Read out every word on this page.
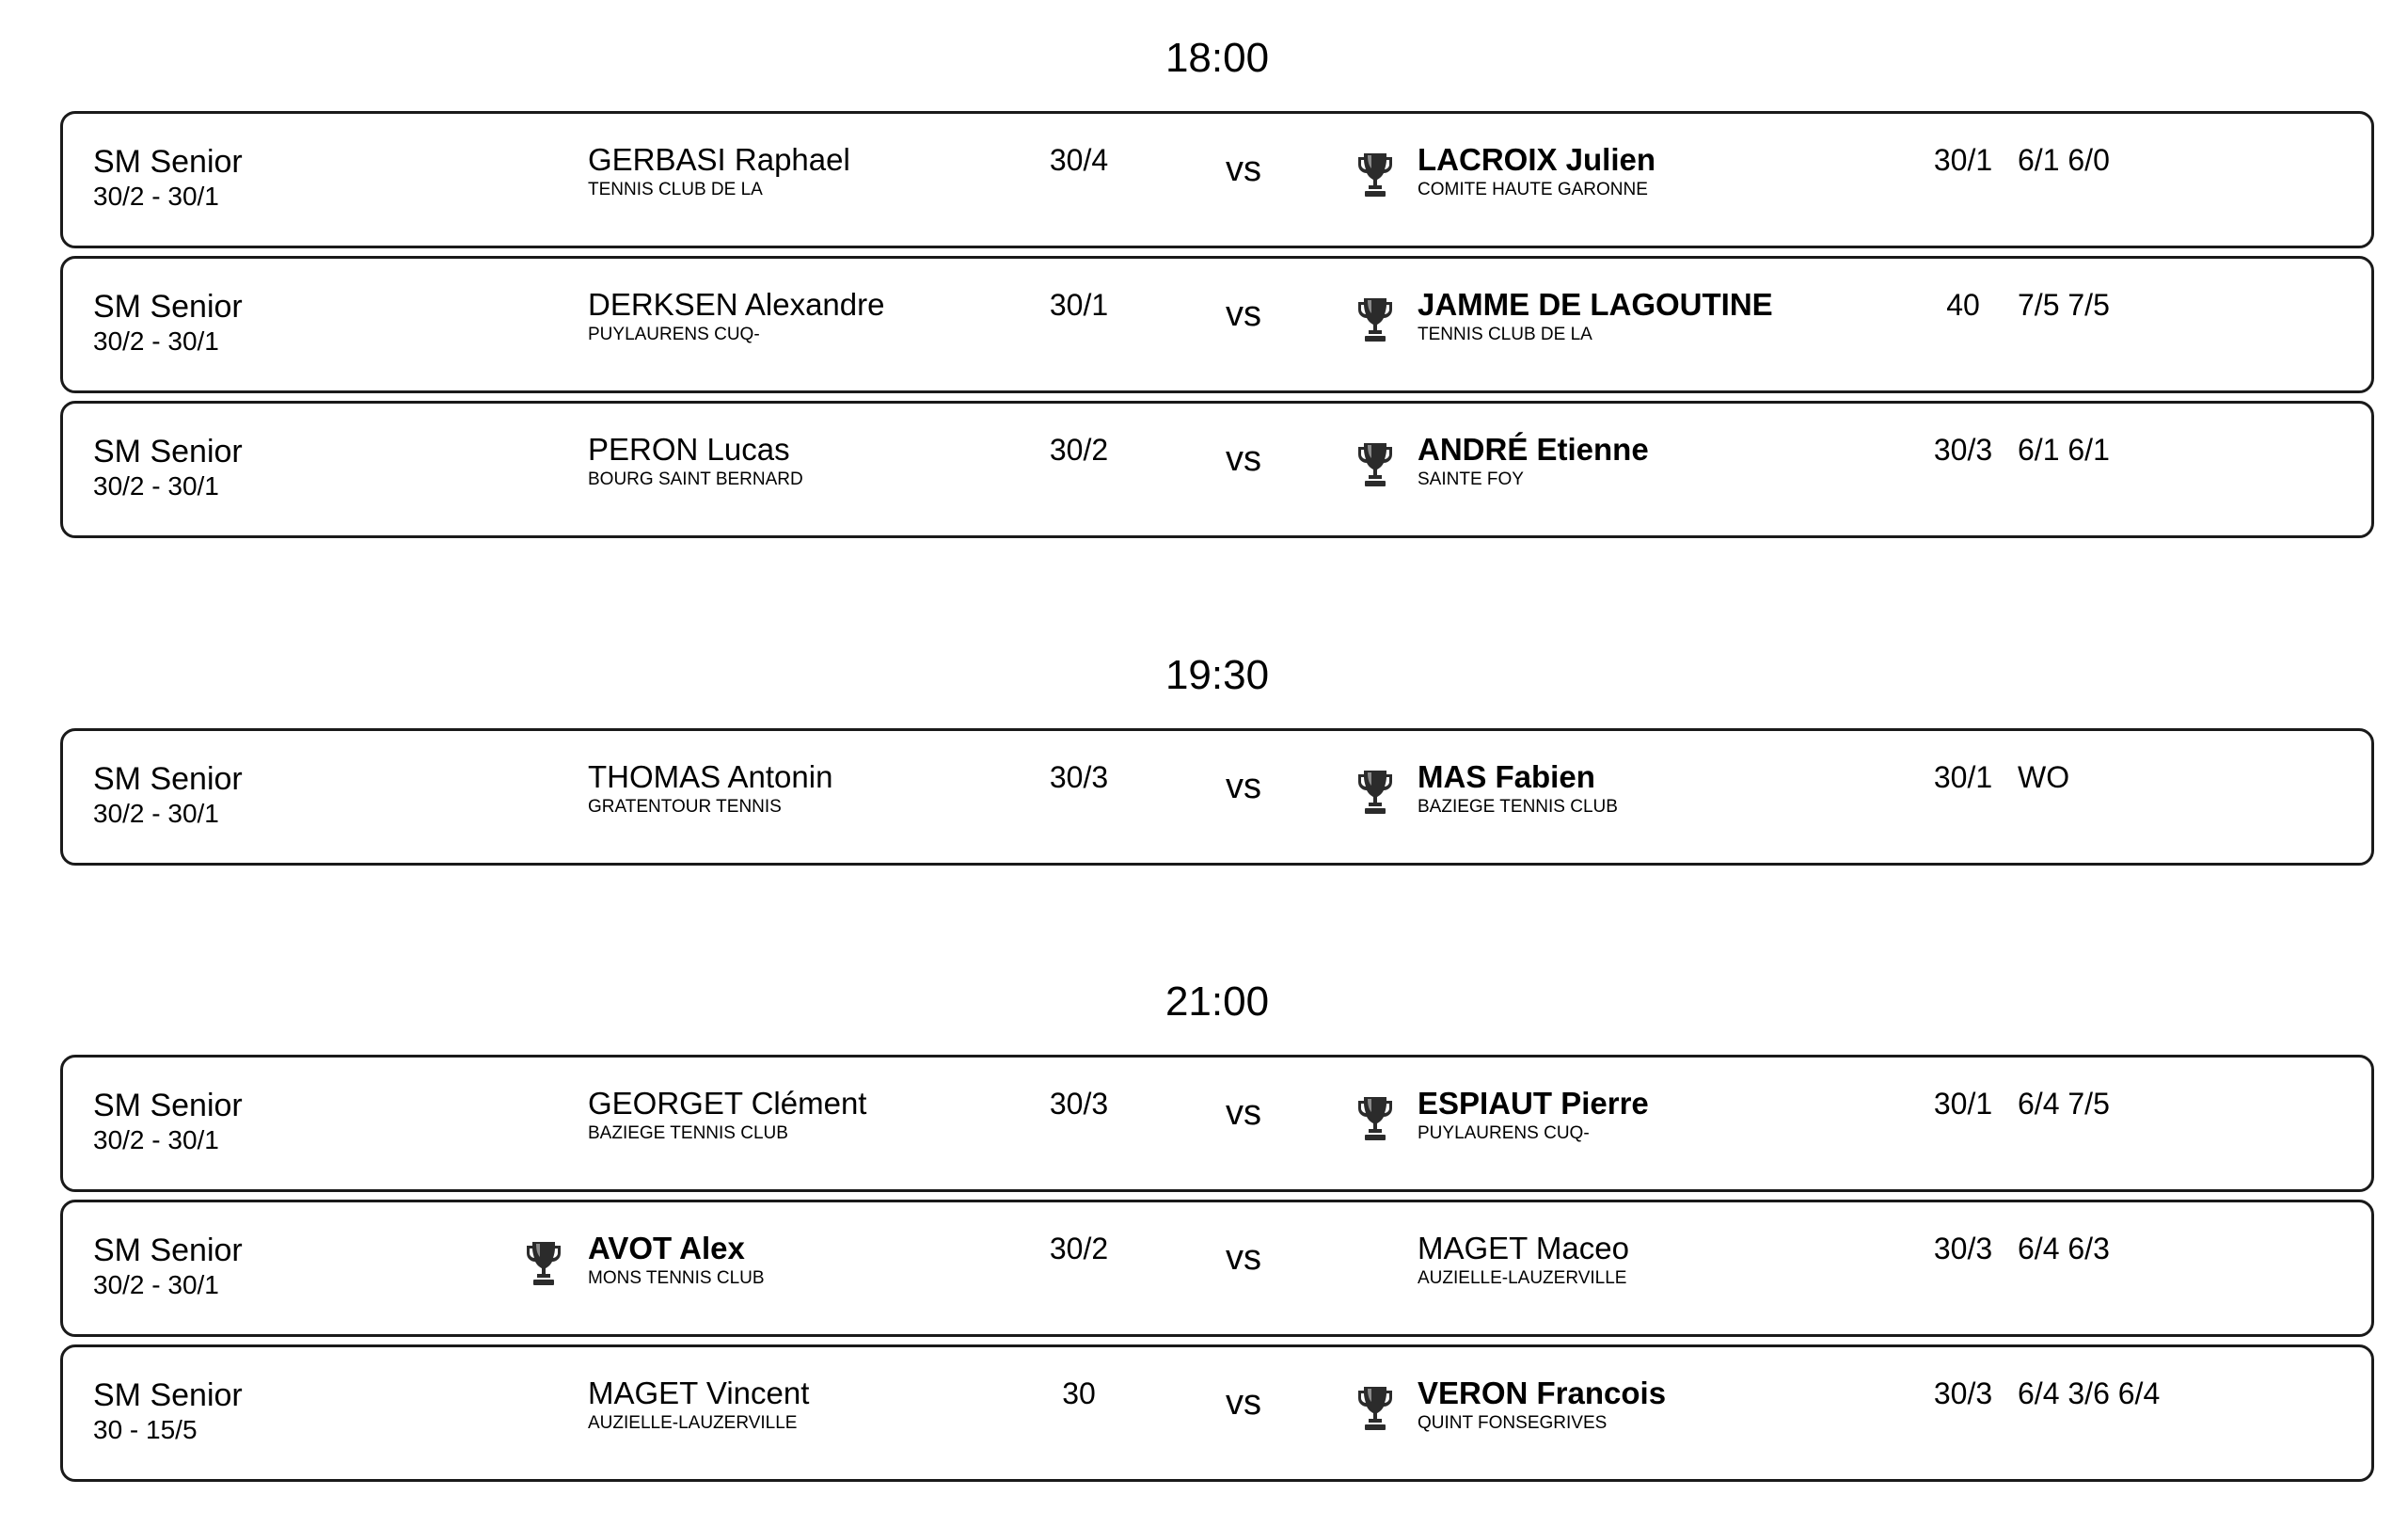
18:00
SM Senior
30/2 - 30/1
GERBASI Raphael
TENNIS CLUB DE LA
30/4	vs	LACROIX Julien
COMITE HAUTE GARONNE
30/1 6/1 6/0
SM Senior
30/2 - 30/1
DERKSEN Alexandre
PUYLAURENS CUQ-
30/1	vs	JAMME DE LAGOUTINE
TENNIS CLUB DE LA
40	7/5 7/5
SM Senior
30/2 - 30/1
PERON Lucas
BOURG SAINT BERNARD
30/2	vs	ANDRÉ Etienne
SAINTE FOY
30/3 6/1 6/1
19:30
SM Senior
30/2 - 30/1
THOMAS Antonin
GRATENTOUR TENNIS
30/3	vs	MAS Fabien
BAZIEGE TENNIS CLUB
30/1 WO
21:00
SM Senior
30/2 - 30/1
GEORGET Clément
BAZIEGE TENNIS CLUB
30/3	vs	ESPIAUT Pierre
PUYLAURENS CUQ-
30/1 6/4 7/5
SM Senior
30/2 - 30/1
AVOT Alex
MONS TENNIS CLUB
30/2	vs	MAGET Maceo
AUZIELLE-LAUZERVILLE
30/3 6/4 6/3
SM Senior
30 - 15/5
MAGET Vincent
AUZIELLE-LAUZERVILLE
30	vs	VERON Francois
QUINT FONSEGRIVES
30/3 6/4 3/6 6/4
